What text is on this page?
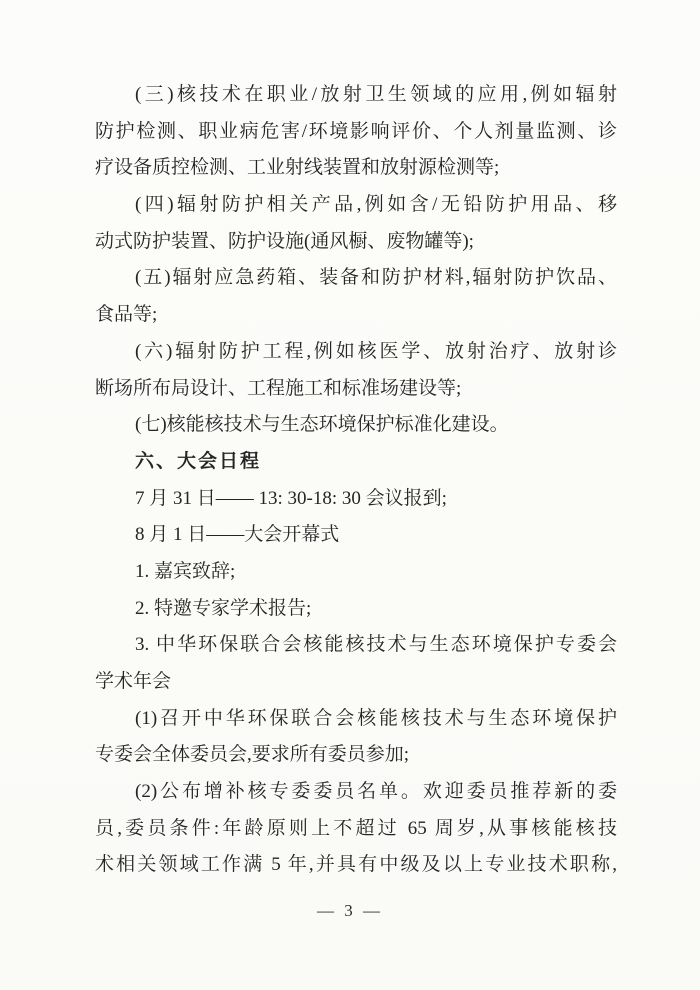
(三)核技术在职业/放射卫生领域的应用,例如辐射
防护检测、职业病危害/环境影响评价、个人剂量监测、诊
疗设备质控检测、工业射线装置和放射源检测等;
(四)辐射防护相关产品,例如含/无铅防护用品、移
动式防护装置、防护设施(通风橱、废物罐等);
(五)辐射应急药箱、装备和防护材料,辐射防护饮品、
食品等;
(六)辐射防护工程,例如核医学、放射治疗、放射诊
断场所布局设计、工程施工和标准场建设等;
(七)核能核技术与生态环境保护标准化建设。
六、大会日程
7 月 31 日—— 13: 30-18: 30 会议报到;
8 月 1 日——大会开幕式
1. 嘉宾致辞;
2. 特邀专家学术报告;
3. 中华环保联合会核能核技术与生态环境保护专委会
学术年会
(1)召开中华环保联合会核能核技术与生态环境保护
专委会全体委员会,要求所有委员参加;
(2)公布增补核专委委员名单。欢迎委员推荐新的委
员,委员条件:年龄原则上不超过 65 周岁,从事核能核技
术相关领域工作满 5 年,并具有中级及以上专业技术职称,
— 3 —
